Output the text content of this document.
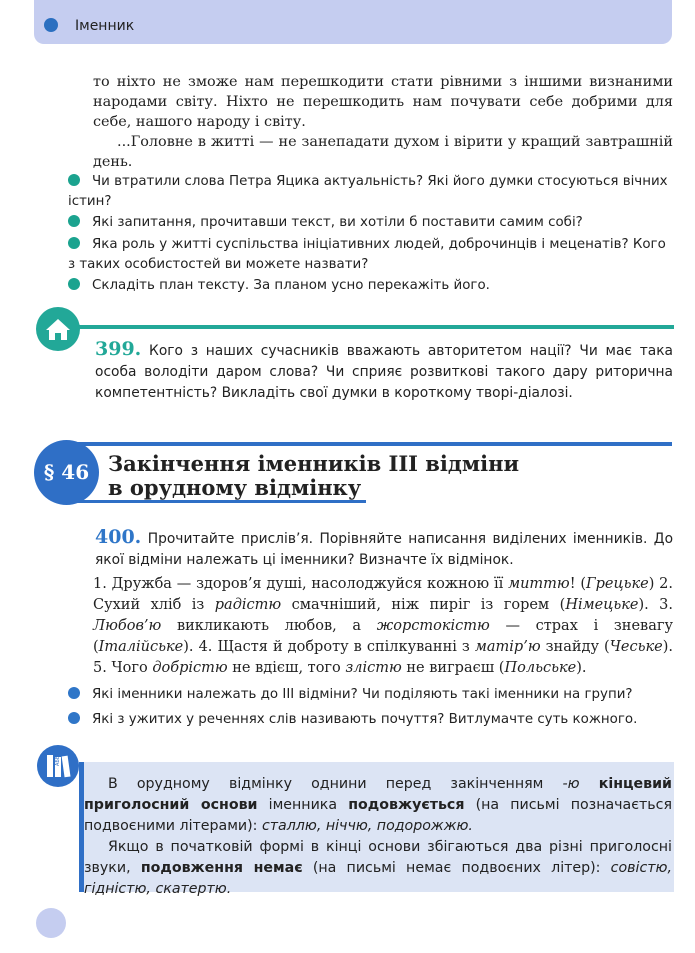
Іменник
то ніхто не зможе нам перешкодити стати рівними з іншими визнаними народами світу. Ніхто не перешкодить нам почувати себе добрими для себе, нашого народу і світу.
...Головне в житті — не занепадати духом і вірити у кращий завтрашній день.
Чи втратили слова Петра Яцика актуальність? Які його думки стосуються вічних істин?
Які запитання, прочитавши текст, ви хотіли б поставити самим собі?
Яка роль у житті суспільства ініціативних людей, доброчинців і меценатів? Кого з таких особистостей ви можете назвати?
Складіть план тексту. За планом усно перекажіть його.
399. Кого з наших сучасників вважають авторитетом нації? Чи має така особа володіти даром слова? Чи сприяє розвиткові такого дару риторична компетентність? Викладіть свої думки в короткому творі-діалозі.
§ 46 Закінчення іменників III відміни
в орудному відмінку
400. Прочитайте прислів’я. Порівняйте написання виділених іменників. До якої відміни належать ці іменники? Визначте їх відмінок.
1. Дружба — здоров’я душі, насолоджуйся кожною її миттю! (Грецьке) 2. Сухий хліб із радістю смачніший, ніж пиріг із горем (Німецьке). 3. Любов’ю викликають любов, а жорстокістю — страх і зневагу (Італійське). 4. Щастя й доброту в спілкуванні з матір’ю знайду (Чеське). 5. Чого добрістю не вдієш, того злістю не виграєш (Польське).
Які іменники належать до III відміни? Чи поділяють такі іменники на групи?
Які з ужитих у реченнях слів називають почуття? Витлумачте суть кожного.
АБВ
В орудному відмінку однини перед закінченням -ю кінцевий приголосний основи іменника подовжується (на письмі позначається подвоєними літерами): сталлю, ніччю, подорожжю.
Якщо в початковій формі в кінці основи збігаються два різні приголосні звуки, подовження немає (на письмі немає подвоєних літер): совістю, гідністю, скатертю.
